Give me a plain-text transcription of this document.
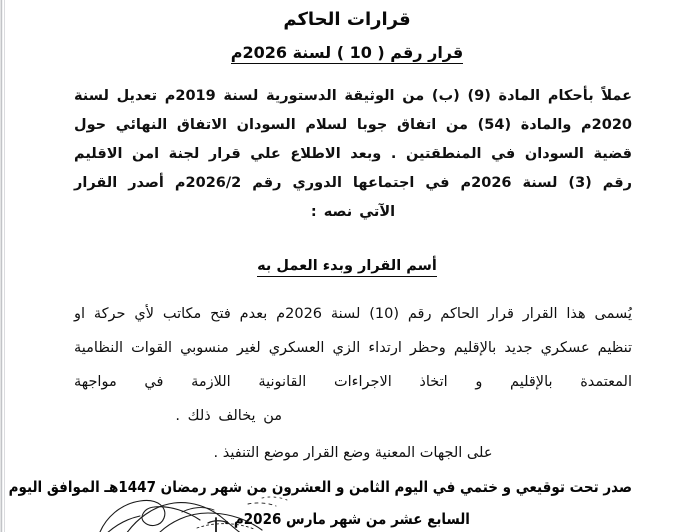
قرارات الحاكم
قرار رقم ( 10 ) لسنة 2026م
عملاً بأحكام المادة (9) (ب) من الوثيقة الدستورية لسنة 2019م تعديل لسنة 2020م والمادة (54) من اتفاق جوبا لسلام السودان الاتفاق النهائي حول قضية السودان في المنطقتين . وبعد الاطلاع علي قرار لجنة امن الاقليم رقم (3) لسنة 2026م في اجتماعها الدوري رقم 2026/2م أصدر القرار
الآتي نصه :
أسم القرار وبدء العمل به
يُسمى هذا القرار قرار الحاكم رقم (10) لسنة 2026م بعدم فتح مكاتب لأي حركة او تنظيم عسكري جديد بالإقليم وحظر ارتداء الزي العسكري لغير منسوبي القوات النظامية المعتمدة بالإقليم و اتخاذ الاجراءات القانونية اللازمة في مواجهة
من يخالف ذلك .
على الجهات المعنية وضع القرار موضع التنفيذ .
صدر تحت توقيعي و ختمي في اليوم الثامن و العشرون من شهر رمضان 1447هـ الموافق اليوم
السابع عشر من شهر مارس 2026م .
